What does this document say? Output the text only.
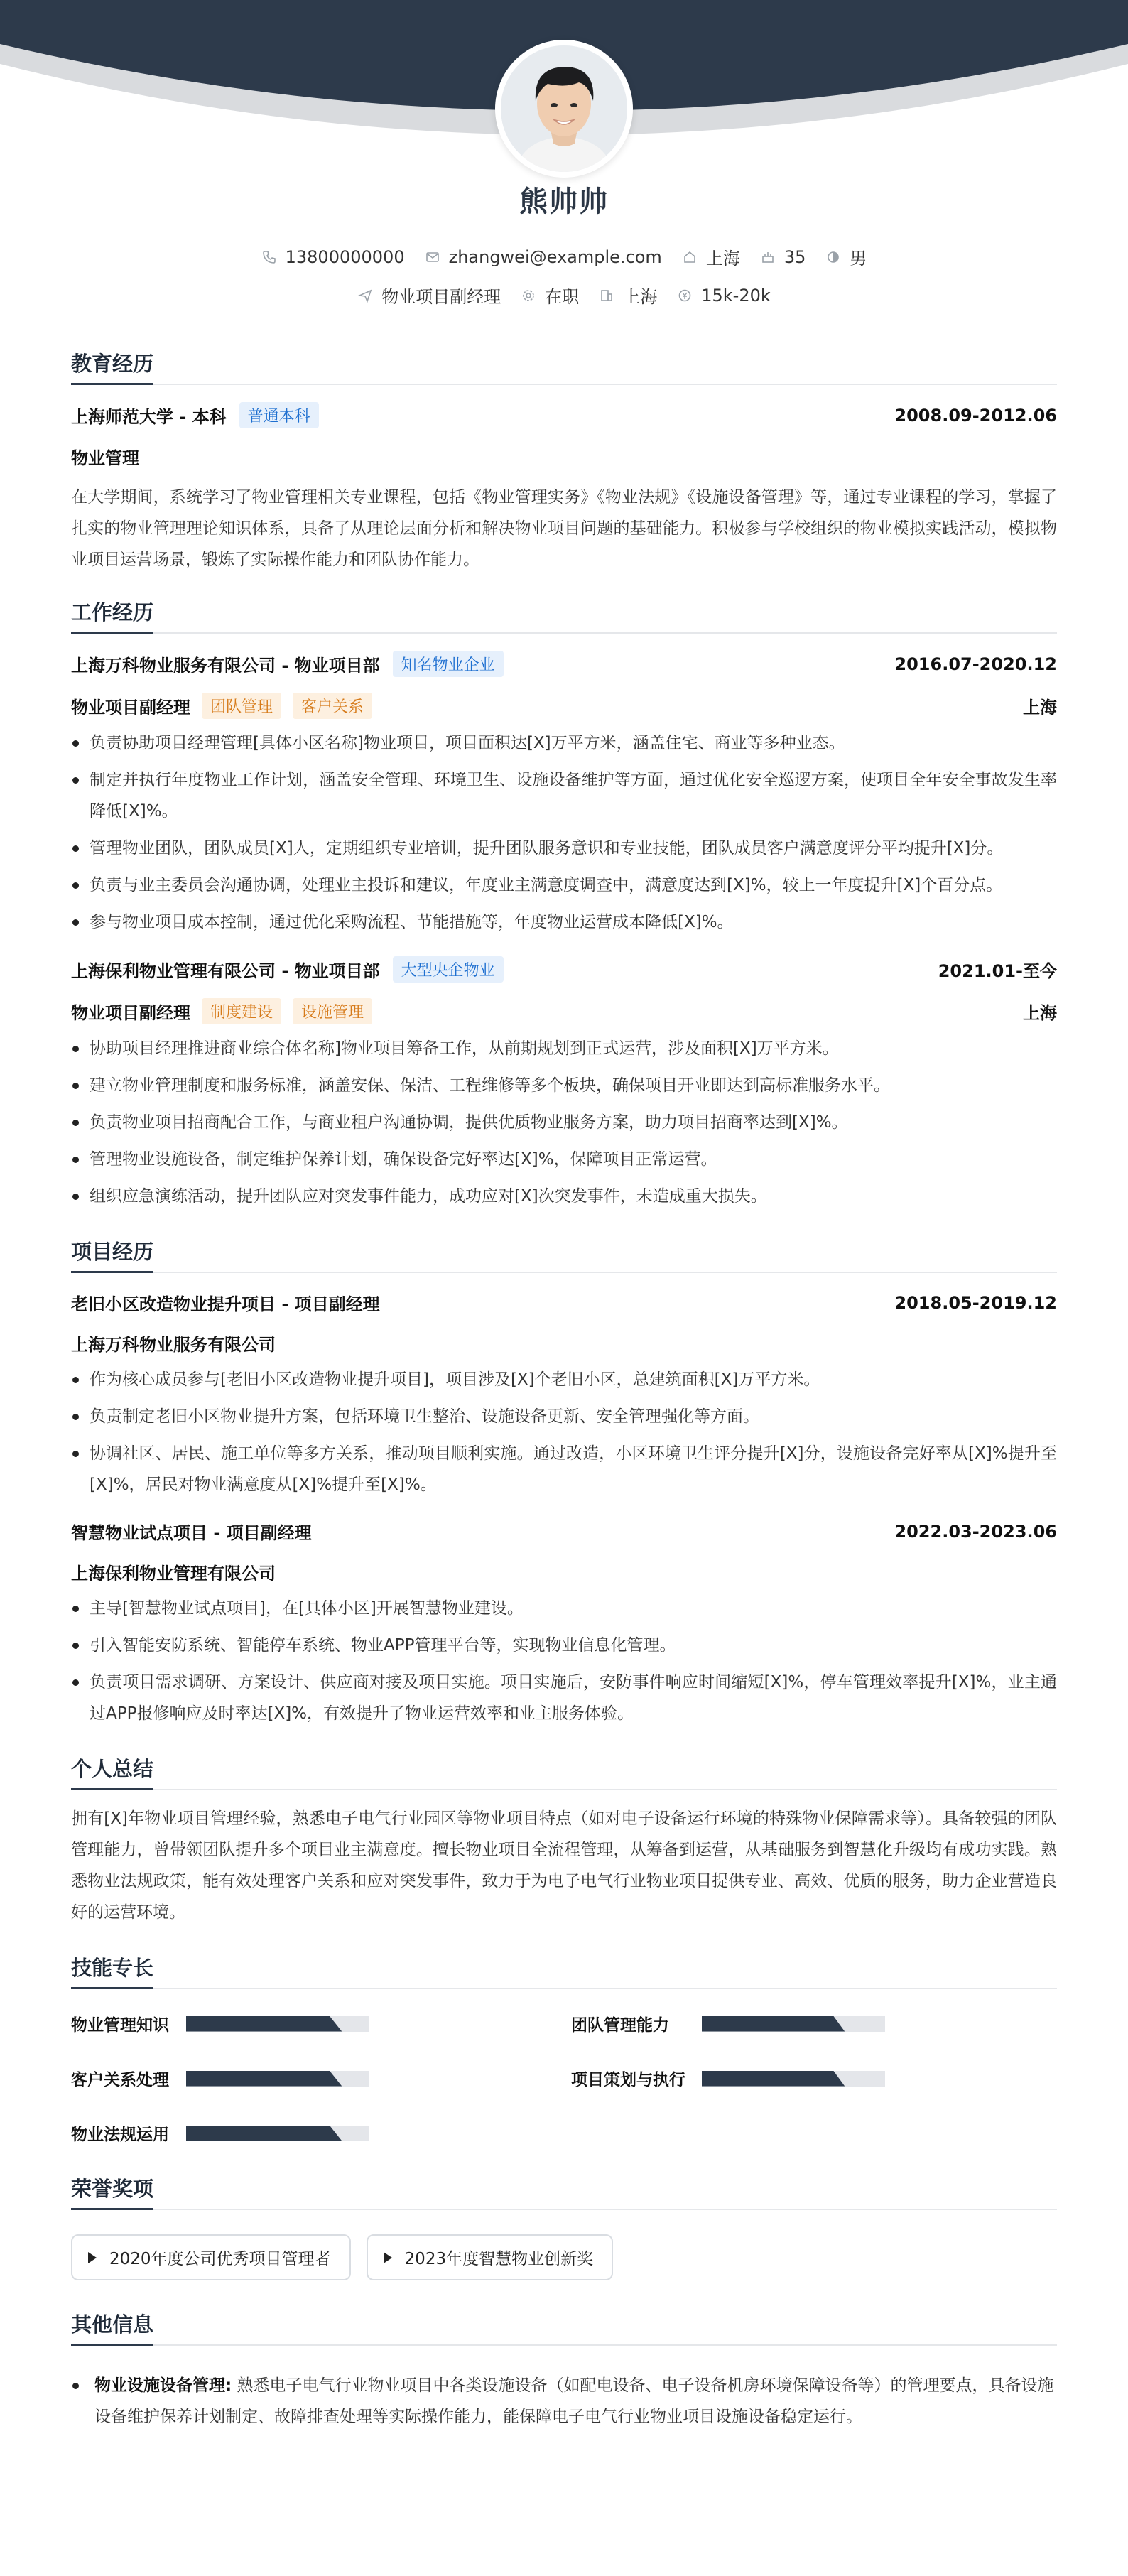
熊帅帅
13800000000	zhangwei@example.com	上海	35	男
物业项目副经理	在职	上海	15k-20k
教育经历
上海师范大学 - 本科	普通本科	2008.09-2012.06
物业管理
在大学期间，系统学习了物业管理相关专业课程，包括《物业管理实务》《物业法规》《设施设备管理》等，通过专业课程的学习，掌握了扎实的物业管理理论知识体系，具备了从理论层面分析和解决物业项目问题的基础能力。积极参与学校组织的物业模拟实践活动，模拟物业项目运营场景，锻炼了实际操作能力和团队协作能力。
工作经历
上海万科物业服务有限公司 - 物业项目部	知名物业企业	2016.07-2020.12
物业项目副经理	团队管理	客户关系	上海
负责协助项目经理管理[具体小区名称]物业项目，项目面积达[X]万平方米，涵盖住宅、商业等多种业态。
制定并执行年度物业工作计划，涵盖安全管理、环境卫生、设施设备维护等方面，通过优化安全巡逻方案，使项目全年安全事故发生率降低[X]%。
管理物业团队，团队成员[X]人，定期组织专业培训，提升团队服务意识和专业技能，团队成员客户满意度评分平均提升[X]分。
负责与业主委员会沟通协调，处理业主投诉和建议，年度业主满意度调查中，满意度达到[X]%，较上一年度提升[X]个百分点。
参与物业项目成本控制，通过优化采购流程、节能措施等，年度物业运营成本降低[X]%。
上海保利物业管理有限公司 - 物业项目部	大型央企物业	2021.01-至今
物业项目副经理	制度建设	设施管理	上海
协助项目经理推进商业综合体名称]物业项目筹备工作，从前期规划到正式运营，涉及面积[X]万平方米。
建立物业管理制度和服务标准，涵盖安保、保洁、工程维修等多个板块，确保项目开业即达到高标准服务水平。
负责物业项目招商配合工作，与商业租户沟通协调，提供优质物业服务方案，助力项目招商率达到[X]%。
管理物业设施设备，制定维护保养计划，确保设备完好率达[X]%，保障项目正常运营。
组织应急演练活动，提升团队应对突发事件能力，成功应对[X]次突发事件，未造成重大损失。
项目经历
老旧小区改造物业提升项目 - 项目副经理	2018.05-2019.12
上海万科物业服务有限公司
作为核心成员参与[老旧小区改造物业提升项目]，项目涉及[X]个老旧小区，总建筑面积[X]万平方米。
负责制定老旧小区物业提升方案，包括环境卫生整治、设施设备更新、安全管理强化等方面。
协调社区、居民、施工单位等多方关系，推动项目顺利实施。通过改造，小区环境卫生评分提升[X]分，设施设备完好率从[X]%提升至[X]%，居民对物业满意度从[X]%提升至[X]%。
智慧物业试点项目 - 项目副经理	2022.03-2023.06
上海保利物业管理有限公司
主导[智慧物业试点项目]，在[具体小区]开展智慧物业建设。
引入智能安防系统、智能停车系统、物业APP管理平台等，实现物业信息化管理。
负责项目需求调研、方案设计、供应商对接及项目实施。项目实施后，安防事件响应时间缩短[X]%，停车管理效率提升[X]%，业主通过APP报修响应及时率达[X]%，有效提升了物业运营效率和业主服务体验。
个人总结
拥有[X]年物业项目管理经验，熟悉电子电气行业园区等物业项目特点（如对电子设备运行环境的特殊物业保障需求等）。具备较强的团队管理能力，曾带领团队提升多个项目业主满意度。擅长物业项目全流程管理，从筹备到运营，从基础服务到智慧化升级均有成功实践。熟悉物业法规政策，能有效处理客户关系和应对突发事件，致力于为电子电气行业物业项目提供专业、高效、优质的服务，助力企业营造良好的运营环境。
技能专长
物业管理知识	团队管理能力
客户关系处理	项目策划与执行
物业法规运用
荣誉奖项
2020年度公司优秀项目管理者	2023年度智慧物业创新奖
其他信息
物业设施设备管理: 熟悉电子电气行业物业项目中各类设施设备（如配电设备、电子设备机房环境保障设备等）的管理要点，具备设施设备维护保养计划制定、故障排查处理等实际操作能力，能保障电子电气行业物业项目设施设备稳定运行。
